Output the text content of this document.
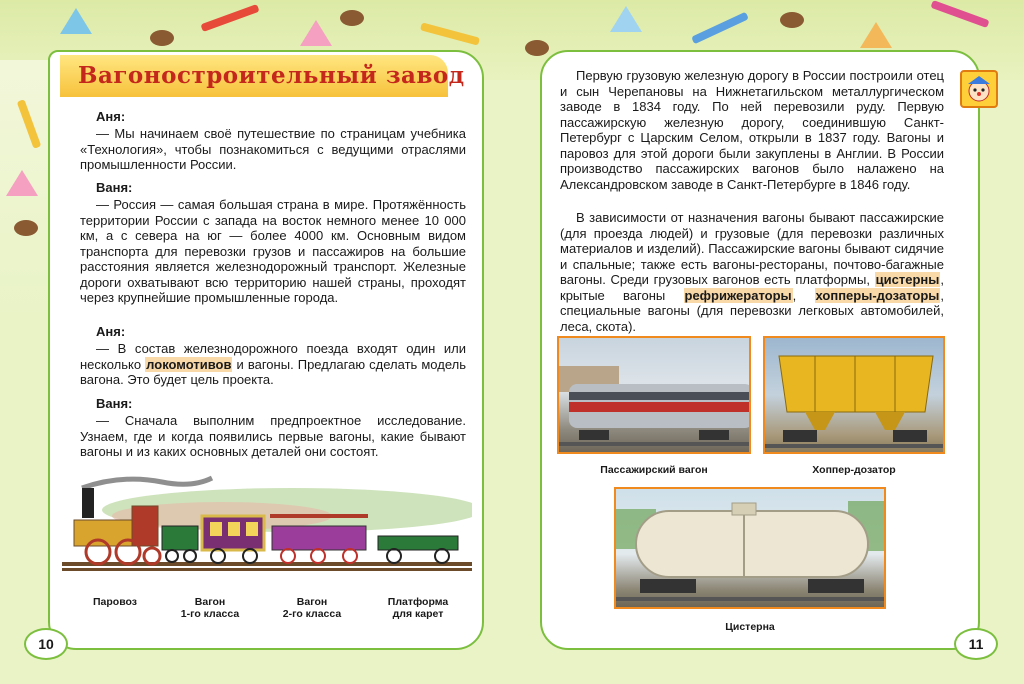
Вагоностроительный завод
Аня:
— Мы начинаем своё путешествие по страницам учебника «Технология», чтобы познакомиться с ведущими отраслями промышленности России.
Ваня:
— Россия — самая большая страна в мире. Протяжённость территории России с запада на восток немного менее 10 000 км, а с севера на юг — более 4000 км. Основным видом транспорта для перевозки грузов и пассажиров на большие расстояния является железнодорожный транспорт. Железные дороги охватывают всю территорию нашей страны, проходят через крупнейшие промышленные города.
Аня:
— В состав железнодорожного поезда входят один или несколько локомотивов и вагоны. Предлагаю сделать модель вагона. Это будет цель проекта.
Ваня:
— Сначала выполним предпроектное исследование. Узнаем, где и когда появились первые вагоны, какие бывают вагоны и из каких основных деталей они состоят.
Паровоз	Вагон
1-го класса
Вагон
2-го класса
Платформа
для карет
10
Первую грузовую железную дорогу в России построили отец и сын Черепановы на Нижнетагильском металлургическом заводе в 1834 году. По ней перевозили руду. Первую пассажирскую железную дорогу, соединившую Санкт-Петербург с Царским Селом, открыли в 1837 году. Вагоны и паровоз для этой дороги были закуплены в Англии. В России производство пассажирских вагонов было налажено на Александровском заводе в Санкт-Петербурге в 1846 году.
В зависимости от назначения вагоны бывают пассажирские (для проезда людей) и грузовые (для перевозки различных материалов и изделий). Пассажирские вагоны бывают сидячие и спальные; также есть вагоны-рестораны, почтово-багажные вагоны. Среди грузовых вагонов есть платформы, цистерны, крытые вагоны рефрижераторы, хопперы-дозаторы, специальные вагоны (для перевозки легковых автомобилей, леса, скота).
Пассажирский вагон	Хоппер-дозатор
Цистерна
11
